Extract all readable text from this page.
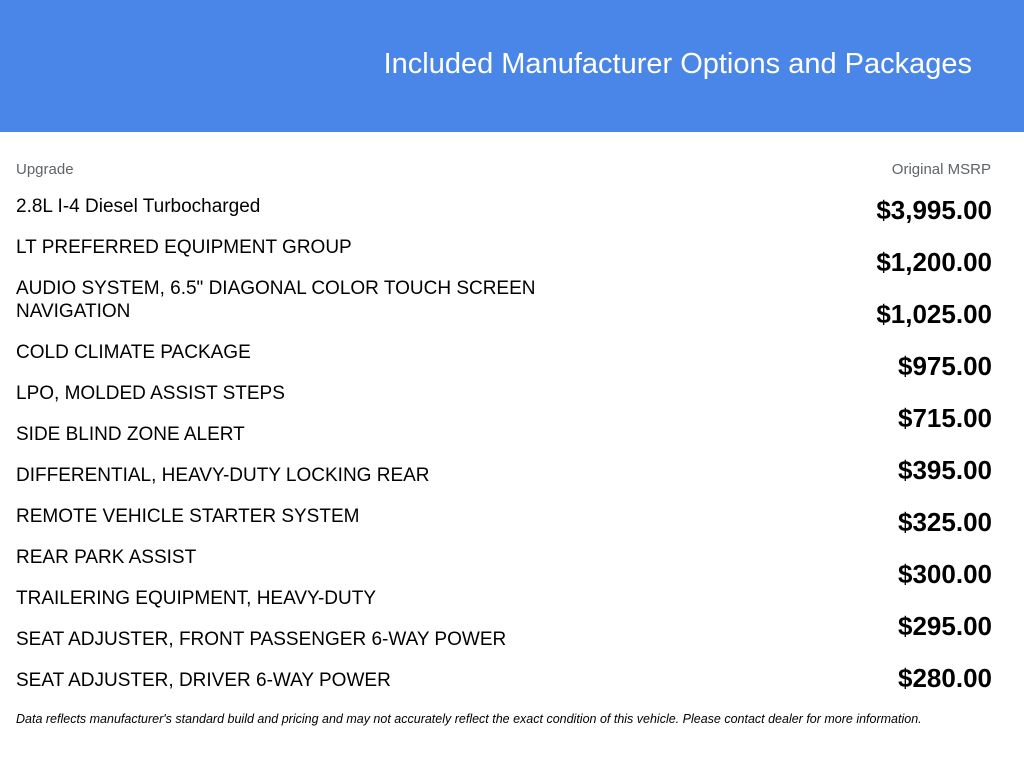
Included Manufacturer Options and Packages
Upgrade	Original MSRP
2.8L I-4 Diesel Turbocharged
LT PREFERRED EQUIPMENT GROUP
AUDIO SYSTEM, 6.5" DIAGONAL COLOR TOUCH SCREEN NAVIGATION
COLD CLIMATE PACKAGE
LPO, MOLDED ASSIST STEPS
SIDE BLIND ZONE ALERT
DIFFERENTIAL, HEAVY-DUTY LOCKING REAR
REMOTE VEHICLE STARTER SYSTEM
REAR PARK ASSIST
TRAILERING EQUIPMENT, HEAVY-DUTY
SEAT ADJUSTER, FRONT PASSENGER 6-WAY POWER
SEAT ADJUSTER, DRIVER 6-WAY POWER
$3,995.00
$1,200.00
$1,025.00
$975.00
$715.00
$395.00
$325.00
$300.00
$295.00
$280.00
Data reflects manufacturer's standard build and pricing and may not accurately reflect the exact condition of this vehicle. Please contact dealer for more information.
